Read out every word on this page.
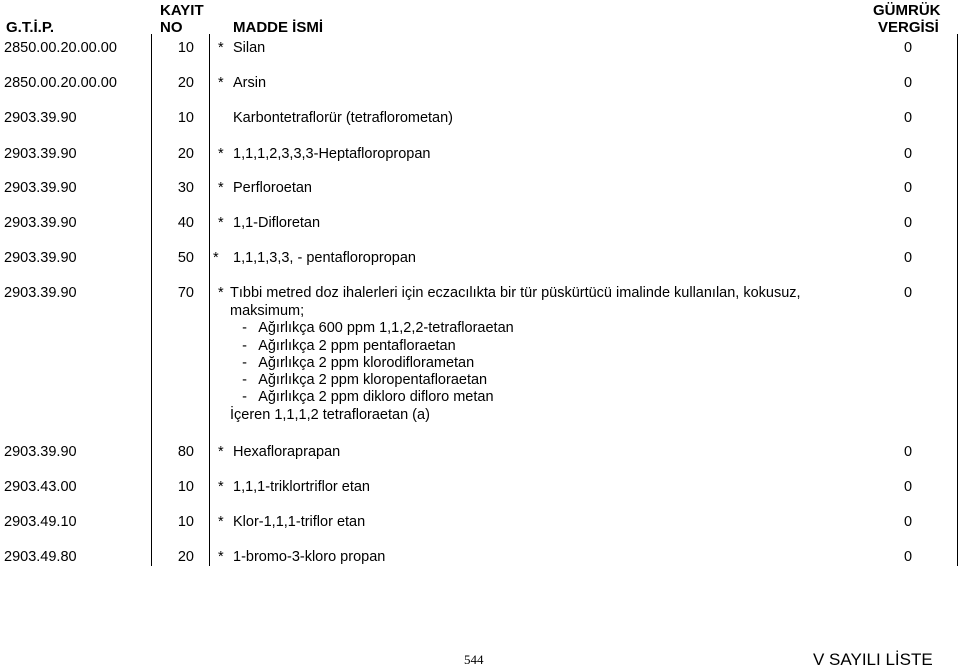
G.T.İ.P.
KAYIT
NO	MADDE İSMİ
GÜMRÜK
VERGİSİ
2850.00.20.00.00	10 * Silan	0
2850.00.20.00.00	20 * Arsin	0
2903.39.90	10	Karbontetraflorür (tetraflorometan)	0
2903.39.90	20 * 1,1,1,2,3,3,3-Heptafloropropan	0
2903.39.90	30 * Perfloroetan	0
2903.39.90	40 * 1,1-Difloretan	0
2903.39.90	50 * 1,1,1,3,3, - pentafloropropan	0
2903.39.90	70 * Tıbbi metred doz ihalerleri için eczacılıkta bir tür püskürtücü imalinde kullanılan, kokusuz,	0
maksimum;
-   Ağırlıkça 600 ppm 1,1,2,2-tetrafloraetan
-   Ağırlıkça 2 ppm pentafloraetan
-   Ağırlıkça 2 ppm klorodiflorametan
-   Ağırlıkça 2 ppm kloropentafloraetan
-   Ağırlıkça 2 ppm dikloro difloro metan
İçeren 1,1,1,2 tetrafloraetan (a)
2903.39.90	80 * Hexafloraprapan	0
2903.43.00	10 * 1,1,1-triklortriflor etan	0
2903.49.10	10 * Klor-1,1,1-triflor etan	0
2903.49.80	20 * 1-bromo-3-kloro propan	0
544	V SAYILI LİSTE
